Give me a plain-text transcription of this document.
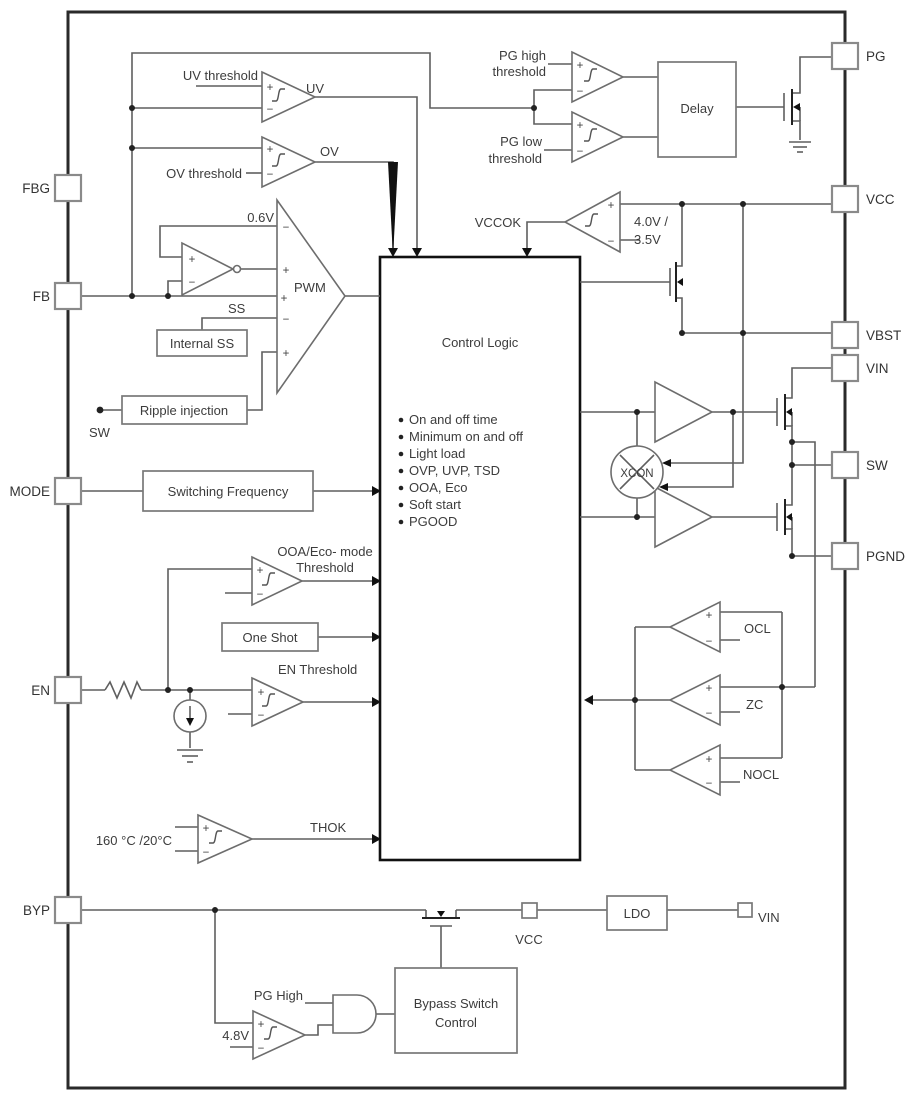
FBG
FB
MODE
EN
BYP
PG
VCC
VBST
VIN
SW
PGND
UV threshold
UV
OV threshold
OV
0.6V
PWM
SS
Internal SS
Ripple injection
SW
PG high
threshold
PG low
threshold
Delay
VCCOK	4.0V /
3.5V
Switching Frequency
OOA/Eco- mode
Threshold
One Shot
EN Threshold
160 °C /20°C
THOK
XCON
OCL
ZC
NOCL
PG High
4.8V
Bypass Switch
Control
VCC
LDO	VIN
Control Logic
On and off time
Minimum on and off
Light load
OVP, UVP, TSD
OOA, Eco
Soft start
PGOOD
+
−
+
−
+
−
−
+
+
−
+
+
−
+
−
+
−
+
−
+
−
+
−
+
−
+
−
+
−
+
−
